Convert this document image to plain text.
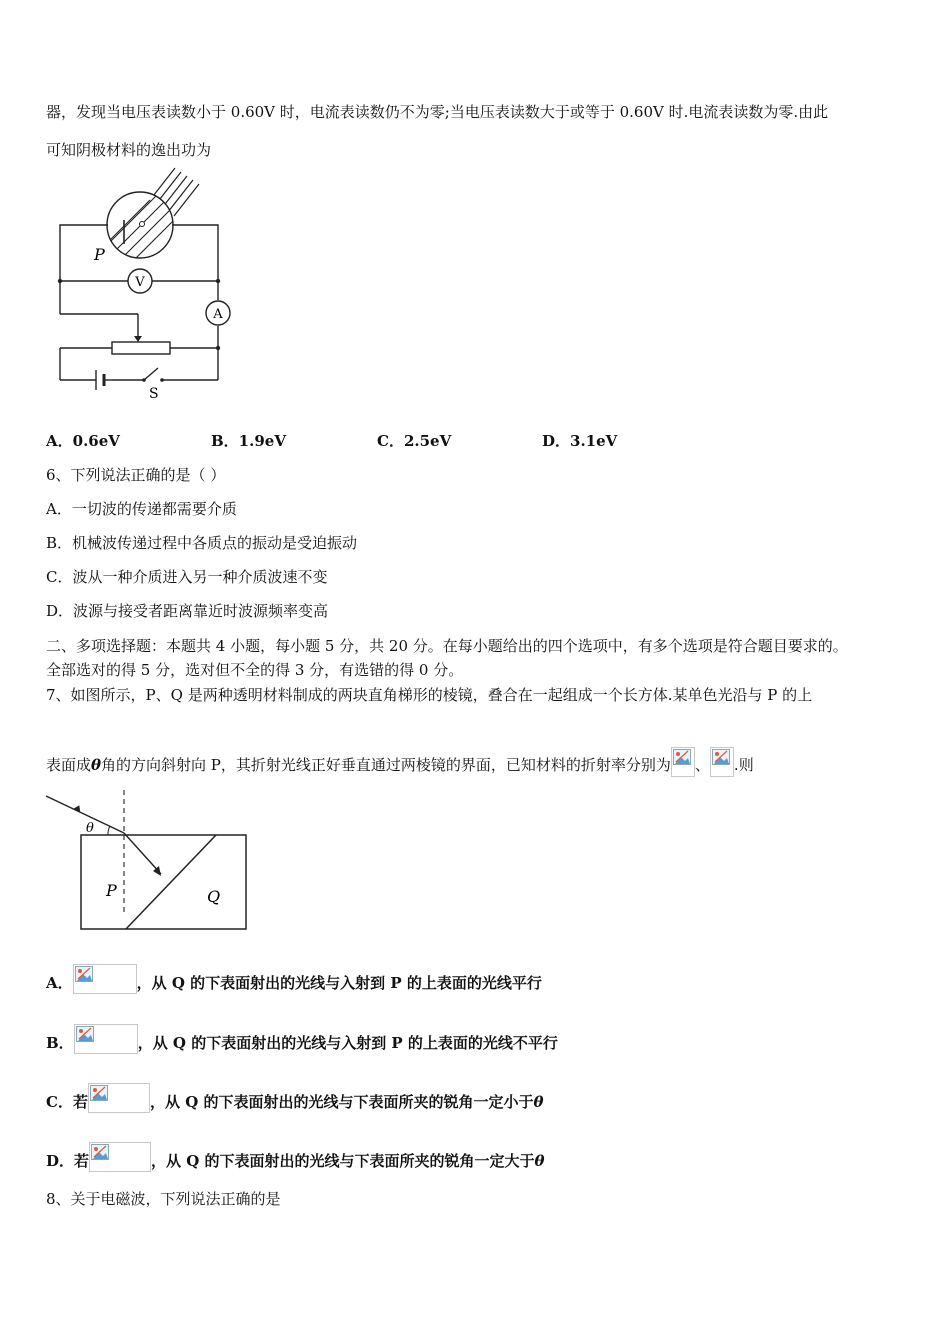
器，发现当电压表读数小于 0.60V 时，电流表读数仍不为零;当电压表读数大于或等于 0.60V 时.电流表读数为零.由此
可知阴极材料的逸出功为
V
A
S
P
A．0.6eV	B．1.9eV	C．2.5eV	D．3.1eV
6、下列说法正确的是（ ）
A．一切波的传递都需要介质
B．机械波传递过程中各质点的振动是受迫振动
C．波从一种介质进入另一种介质波速不变
D．波源与接受者距离靠近时波源频率变高
二、多项选择题：本题共 4 小题，每小题 5 分，共 20 分。在每小题给出的四个选项中，有多个选项是符合题目要求的。
全部选对的得 5 分，选对但不全的得 3 分，有选错的得 0 分。
7、如图所示，P、Q 是两种透明材料制成的两块直角梯形的棱镜，叠合在一起组成一个长方体.某单色光沿与 P 的上
表面成θ角的方向斜射向 P，其折射光线正好垂直通过两棱镜的界面，已知材料的折射率分别为 、 .则
θ
P	Q
A．	，从 Q 的下表面射出的光线与入射到 P 的上表面的光线平行
B．	，从 Q 的下表面射出的光线与入射到 P 的上表面的光线不平行
C．若	，从 Q 的下表面射出的光线与下表面所夹的锐角一定小于θ
D．若	，从 Q 的下表面射出的光线与下表面所夹的锐角一定大于θ
8、关于电磁波，下列说法正确的是
